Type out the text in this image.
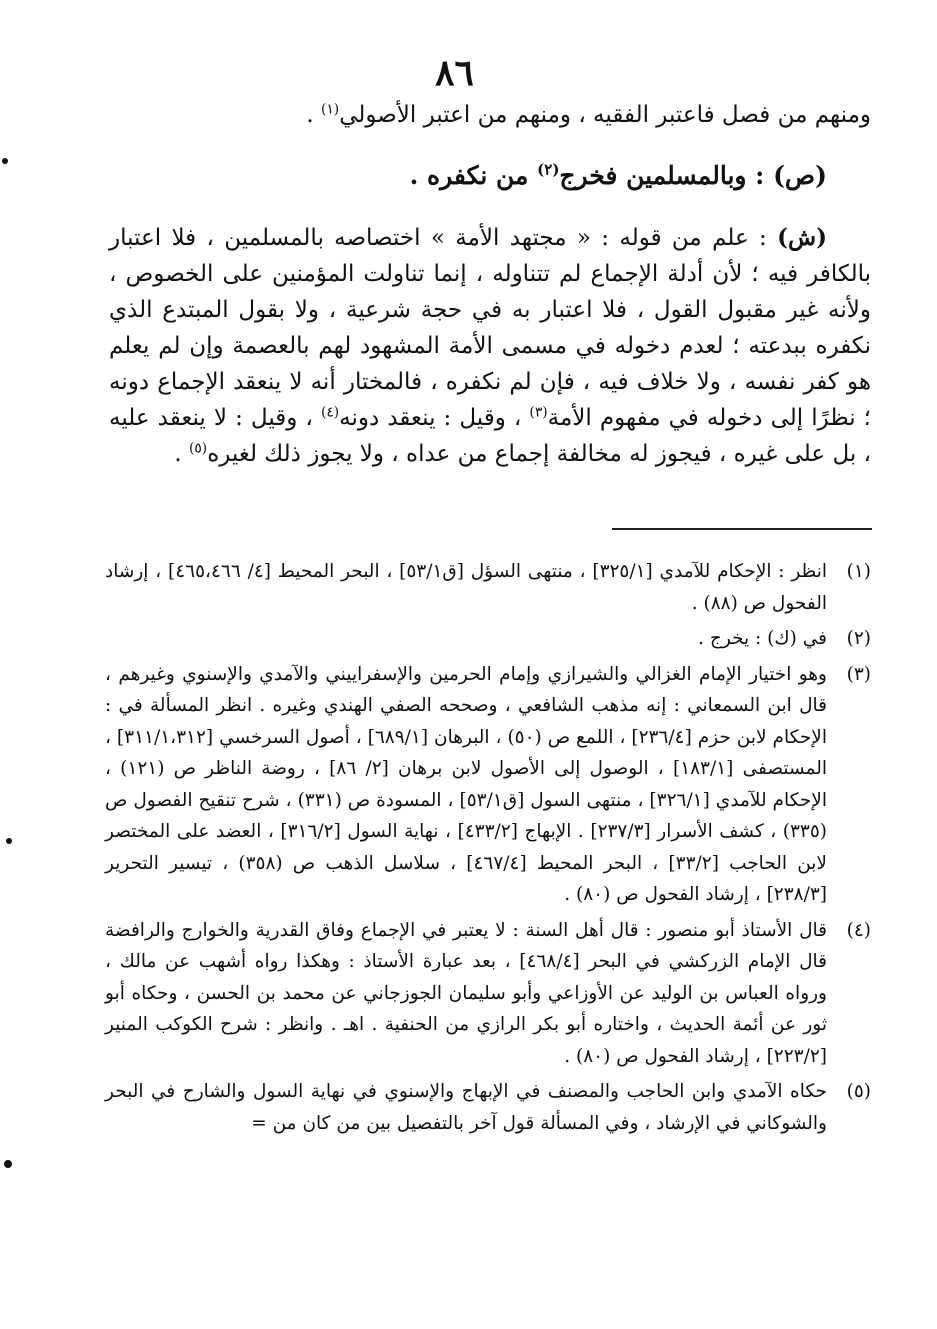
٨٦
ومنهم من فصل فاعتبر الفقيه ، ومنهم من اعتبر الأصولي$^{(١)}$ .
(ص) : وبالمسلمين فخرج$^{(٢)}$ من نكفره .
(ش) : علم من قوله : « مجتهد الأمة » اختصاصه بالمسلمين ، فلا اعتبار بالكافر فيه ؛ لأن أدلة الإجماع لم تتناوله ، إنما تناولت المؤمنين على الخصوص ، ولأنه غير مقبول القول ، فلا اعتبار به في حجة شرعية ، ولا بقول المبتدع الذي نكفره ببدعته ؛ لعدم دخوله في مسمى الأمة المشهود لهم بالعصمة وإن لم يعلم هو كفر نفسه ، ولا خلاف فيه ، فإن لم نكفره ، فالمختار أنه لا ينعقد الإجماع دونه ؛ نظرًا إلى دخوله في مفهوم الأمة$^{(٣)}$ ، وقيل : ينعقد دونه$^{(٤)}$ ، وقيل : لا ينعقد عليه ، بل على غيره ، فيجوز له مخالفة إجماع من عداه ، ولا يجوز ذلك لغيره$^{(٥)}$ .
(١)
انظر : الإحكام للآمدي [٣٢٥/١] ، منتهى السؤل [ق٥٣/١] ، البحر المحيط [٤/ ٤٦٥،٤٦٦] ، إرشاد الفحول ص (٨٨) .
(٢)
في (ك) : يخرج .
(٣)
وهو اختيار الإمام الغزالي والشيرازي وإمام الحرمين والإسفراييني والآمدي والإسنوي وغيرهم ، قال ابن السمعاني : إنه مذهب الشافعي ، وصححه الصفي الهندي وغيره . انظر المسألة في : الإحكام لابن حزم [٢٣٦/٤] ، اللمع ص (٥٠) ، البرهان [٦٨٩/١] ، أصول السرخسي [٣١١/١،٣١٢] ، المستصفى [١٨٣/١] ، الوصول إلى الأصول لابن برهان [٢/ ٨٦] ، روضة الناظر ص (١٢١) ، الإحكام للآمدي [٣٢٦/١] ، منتهى السول [ق٥٣/١] ، المسودة ص (٣٣١) ، شرح تنقيح الفصول ص (٣٣٥) ، كشف الأسرار [٢٣٧/٣] . الإبهاج [٤٣٣/٢] ، نهاية السول [٣١٦/٢] ، العضد على المختصر لابن الحاجب [٣٣/٢] ، البحر المحيط [٤٦٧/٤] ، سلاسل الذهب ص (٣٥٨) ، تيسير التحرير [٢٣٨/٣] ، إرشاد الفحول ص (٨٠) .
(٤)
قال الأستاذ أبو منصور : قال أهل السنة : لا يعتبر في الإجماع وفاق القدرية والخوارج والرافضة قال الإمام الزركشي في البحر [٤٦٨/٤] ، بعد عبارة الأستاذ : وهكذا رواه أشهب عن مالك ، ورواه العباس بن الوليد عن الأوزاعي وأبو سليمان الجوزجاني عن محمد بن الحسن ، وحكاه أبو ثور عن أئمة الحديث ، واختاره أبو بكر الرازي من الحنفية . اهـ . وانظر : شرح الكوكب المنير [٢٢٣/٢] ، إرشاد الفحول ص (٨٠) .
(٥)
حكاه الآمدي وابن الحاجب والمصنف في الإبهاج والإسنوي في نهاية السول والشارح في البحر والشوكاني في الإرشاد ، وفي المسألة قول آخر بالتفصيل بين من كان من =
